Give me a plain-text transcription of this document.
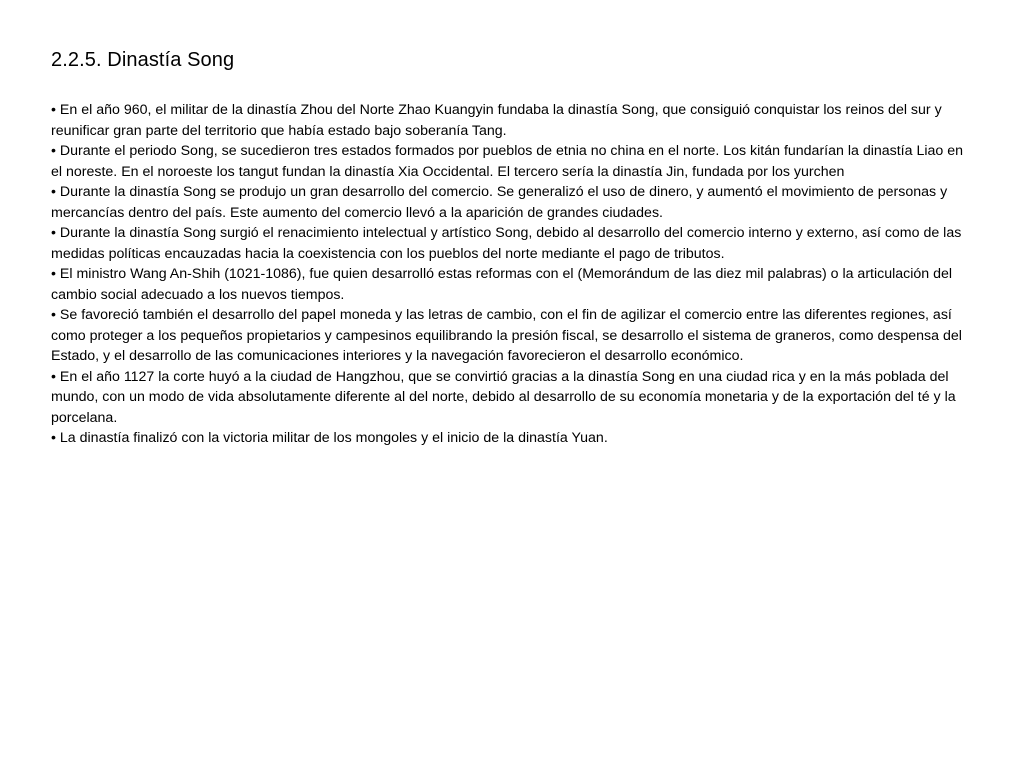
2.2.5. Dinastía Song
• En el año 960, el militar de la dinastía Zhou del Norte Zhao Kuangyin fundaba la dinastía Song, que consiguió conquistar los reinos del sur y reunificar gran parte del territorio que había estado bajo soberanía Tang.
• Durante el periodo Song, se sucedieron tres estados formados por pueblos de etnia no china en el norte. Los kitán fundarían la dinastía Liao en el noreste. En el noroeste los tangut fundan la dinastía Xia Occidental. El tercero sería la dinastía Jin, fundada por los yurchen
• Durante la dinastía Song se produjo un gran desarrollo del comercio. Se generalizó el uso de dinero, y aumentó el movimiento de personas y mercancías dentro del país. Este aumento del comercio llevó a la aparición de grandes ciudades.
• Durante la dinastía Song surgió el renacimiento intelectual y artístico Song, debido al desarrollo del comercio interno y externo, así como de las medidas políticas encauzadas hacia la coexistencia con los pueblos del norte mediante el pago de tributos.
• El ministro Wang An-Shih (1021-1086), fue quien desarrolló estas reformas con el (Memorándum de las diez mil palabras) o la articulación del cambio social adecuado a los nuevos tiempos.
• Se favoreció también el desarrollo del papel moneda y las letras de cambio, con el fin de agilizar el comercio entre las diferentes regiones, así como proteger a los pequeños propietarios y campesinos equilibrando la presión fiscal, se desarrollo el sistema de graneros, como despensa del Estado, y el desarrollo de las comunicaciones interiores y la navegación favorecieron el desarrollo económico.
• En el año 1127 la corte huyó a la ciudad de Hangzhou, que se convirtió gracias a la dinastía Song en una ciudad rica y en la más poblada del mundo, con un modo de vida absolutamente diferente al del norte, debido al desarrollo de su economía monetaria y de la exportación del té y la porcelana.
• La dinastía finalizó con la victoria militar de los mongoles y el inicio de la dinastía Yuan.
